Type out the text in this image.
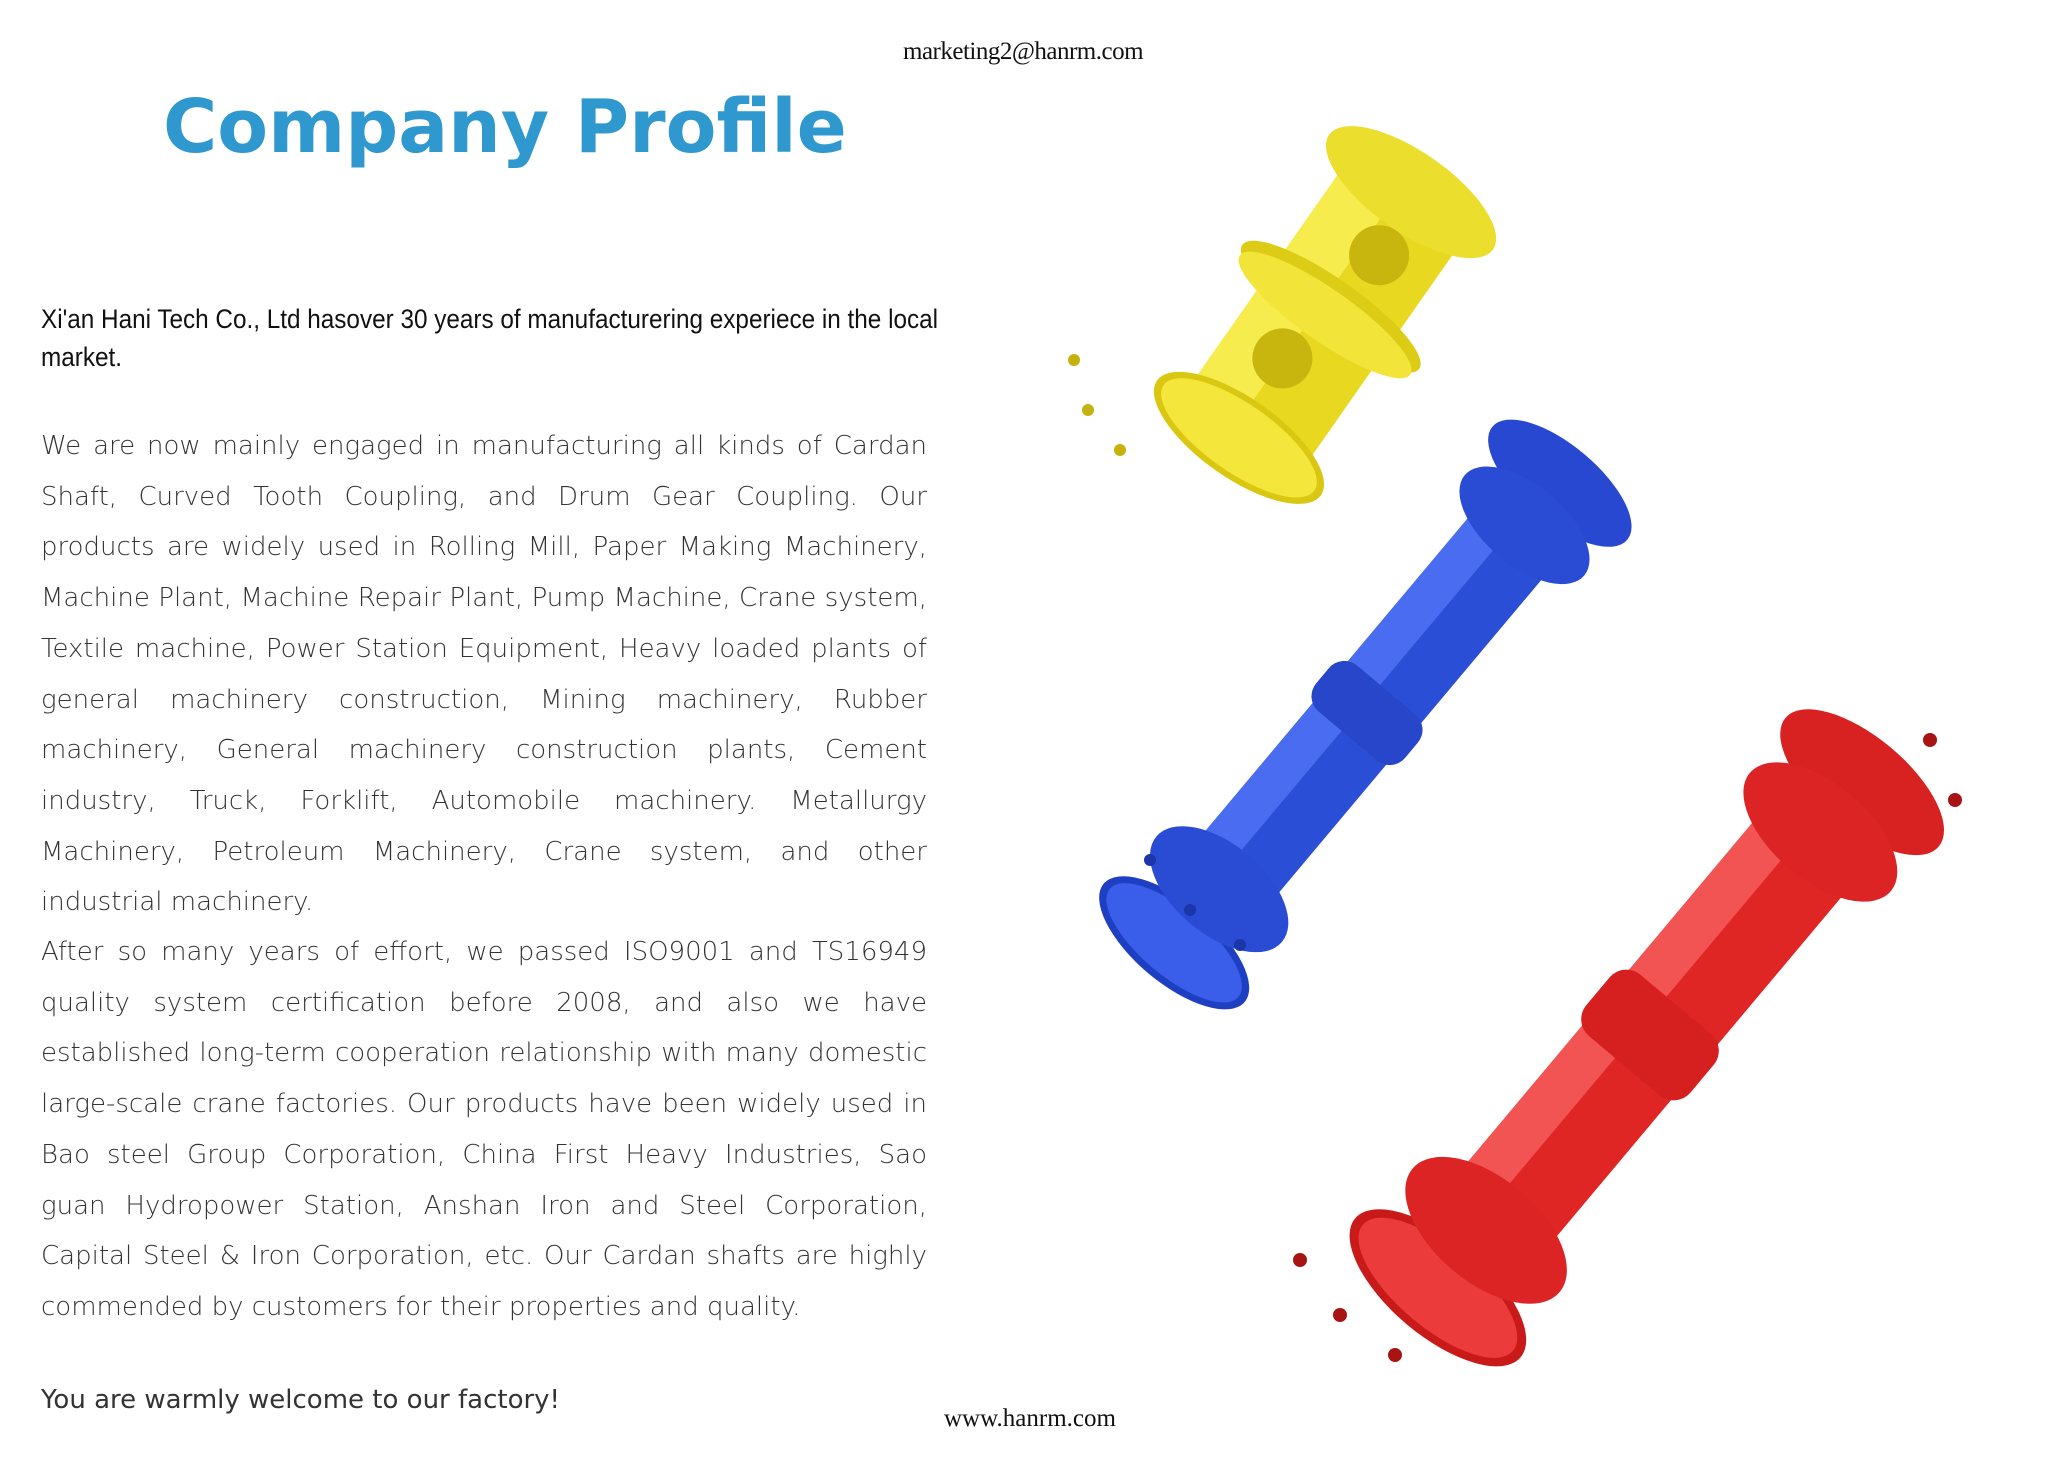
marketing2@hanrm.com
Company Profile
Xi'an Hani Tech Co., Ltd hasover 30 years of manufacturering experiece in the local market.
We are now mainly engaged in manufacturing all kinds of Cardan Shaft, Curved Tooth Coupling, and Drum Gear Coupling. Our products are widely used in Rolling Mill, Paper Making Machinery, Machine Plant, Machine Repair Plant, Pump Machine, Crane system, Textile machine, Power Station Equipment, Heavy loaded plants of general machinery construction, Mining machinery, Rubber machinery, General machinery construction plants, Cement industry, Truck, Forklift, Automobile machinery. Metallurgy Machinery, Petroleum Machinery, Crane system, and other industrial machinery.
After so many years of effort, we passed ISO9001 and TS16949 quality system certification before 2008, and also we have established long-term cooperation relationship with many domestic large-scale crane factories. Our products have been widely used in Bao steel Group Corporation, China First Heavy Industries, Sao guan Hydropower Station, Anshan Iron and Steel Corporation, Capital Steel & Iron Corporation, etc. Our Cardan shafts are highly commended by customers for their properties and quality.
You are warmly welcome to our factory!
www.hanrm.com
